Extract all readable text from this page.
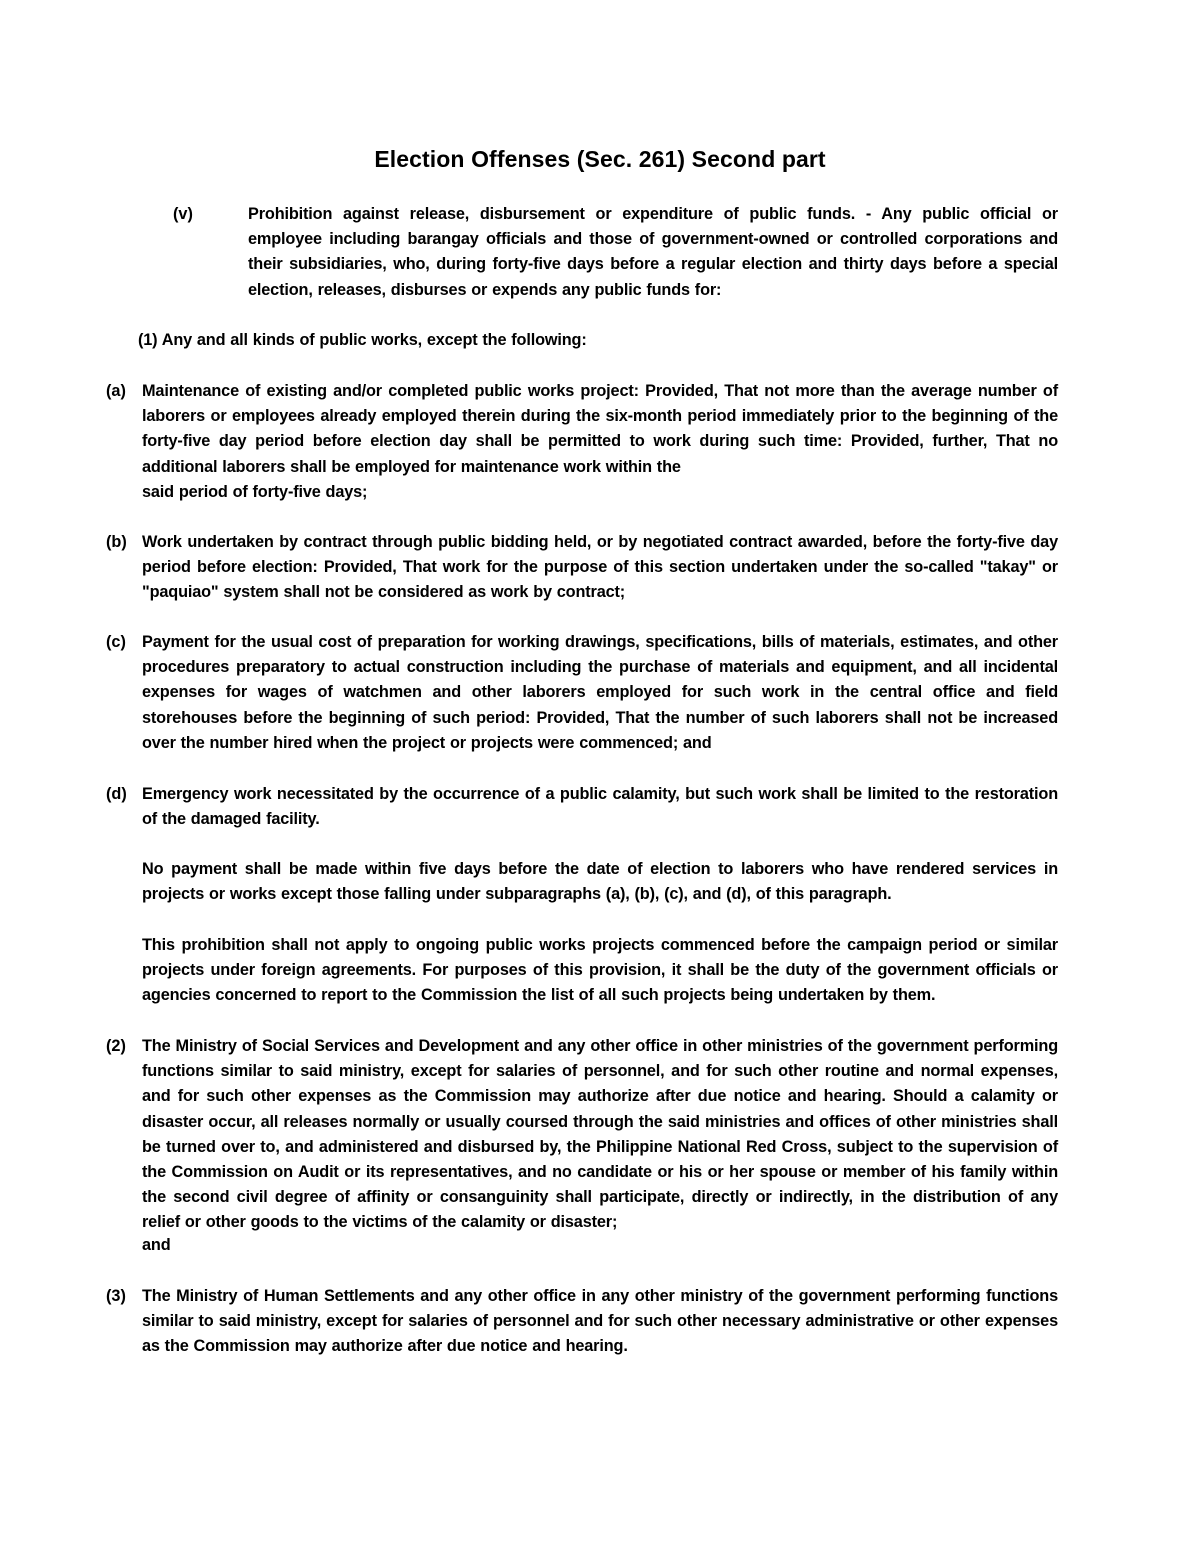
Election Offenses (Sec. 261) Second part
(v)	Prohibition against release, disbursement or expenditure of public funds. - Any public official or employee including barangay officials and those of government-owned or controlled corporations and their subsidiaries, who, during forty-five days before a regular election and thirty days before a special election, releases, disburses or expends any public funds for:
(1) Any and all kinds of public works, except the following:
(a) Maintenance of existing and/or completed public works project: Provided, That not more than the average number of laborers or employees already employed therein during the six-month period immediately prior to the beginning of the forty-five day period before election day shall be permitted to work during such time: Provided, further, That no additional laborers shall be employed for maintenance work within the
said period of forty-five days;
(b) Work undertaken by contract through public bidding held, or by negotiated contract awarded, before the forty-five day period before election: Provided, That work for the purpose of this section undertaken under the so-called "takay" or "paquiao" system shall not be considered as work by contract;
(c) Payment for the usual cost of preparation for working drawings, specifications, bills of materials, estimates, and other procedures preparatory to actual construction including the purchase of materials and equipment, and all incidental expenses for wages of watchmen and other laborers employed for such work in the central office and field storehouses before the beginning of such period: Provided, That the number of such laborers shall not be increased over the number hired when the project or projects were commenced; and
(d) Emergency work necessitated by the occurrence of a public calamity, but such work shall be limited to the restoration of the damaged facility.
No payment shall be made within five days before the date of election to laborers who have rendered services in projects or works except those falling under subparagraphs (a), (b), (c), and (d), of this paragraph.
This prohibition shall not apply to ongoing public works projects commenced before the campaign period or similar projects under foreign agreements. For purposes of this provision, it shall be the duty of the government officials or agencies concerned to report to the Commission the list of all such projects being undertaken by them.
(2) The Ministry of Social Services and Development and any other office in other ministries of the government performing functions similar to said ministry, except for salaries of personnel, and for such other routine and normal expenses, and for such other expenses as the Commission may authorize after due notice and hearing. Should a calamity or disaster occur, all releases normally or usually coursed through the said ministries and offices of other ministries shall be turned over to, and administered and disbursed by, the Philippine National Red Cross, subject to the supervision of the Commission on Audit or its representatives, and no candidate or his or her spouse or member of his family within the second civil degree of affinity or consanguinity shall participate, directly or indirectly, in the distribution of any relief or other goods to the victims of the calamity or disaster;
and
(3) The Ministry of Human Settlements and any other office in any other ministry of the government performing functions similar to said ministry, except for salaries of personnel and for such other necessary administrative or other expenses as the Commission may authorize after due notice and hearing.
